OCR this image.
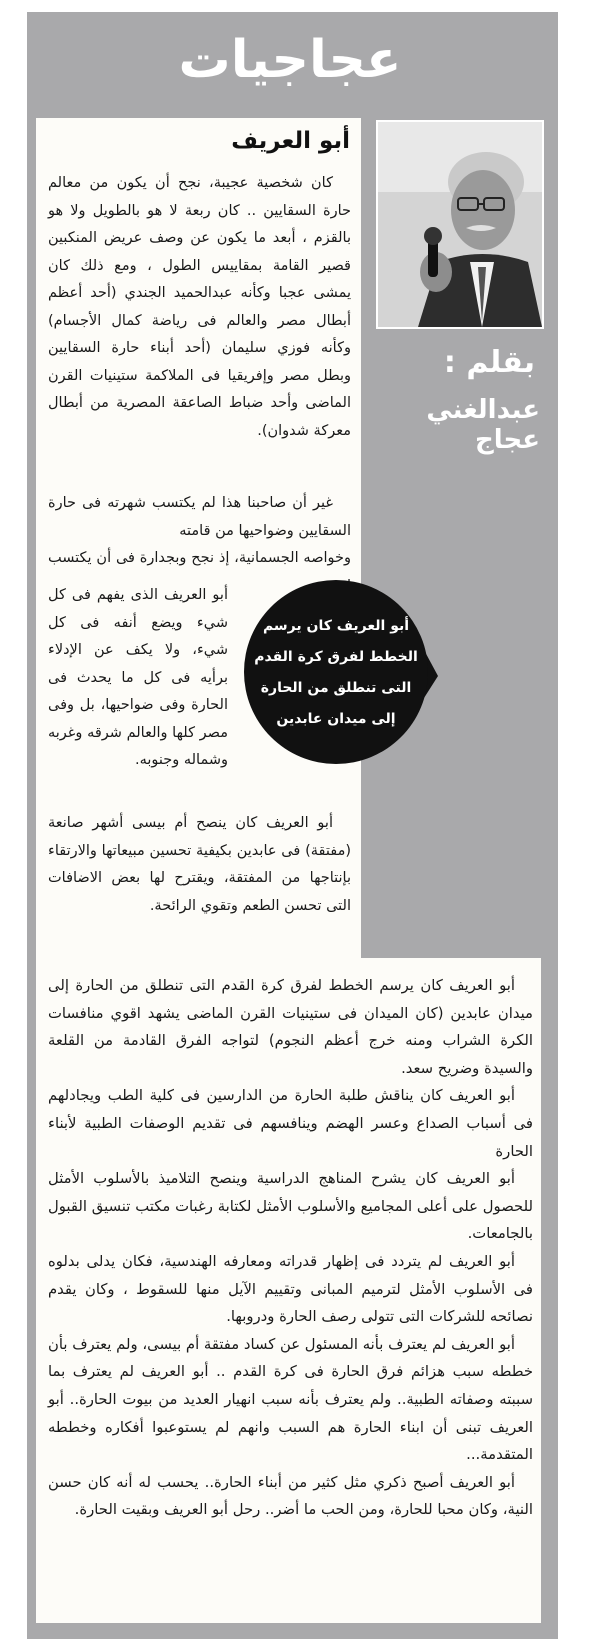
عجاجيات
بقلم :
عبدالغني عجاج
أبو العريف

كان شخصية عجيبة، نجح أن يكون من معالم حارة السقايين .. كان ربعة لا هو بالطويل ولا هو بالقزم ، أبعد ما يكون عن وصف عريض المنكبين قصير القامة بمقاييس الطول ، ومع ذلك كان يمشى عجبا وكأنه عبدالحميد الجندي (أحد أعظم أبطال مصر والعالم فى رياضة كمال الأجسام) وكأنه فوزي سليمان (أحد أبناء حارة السقايين وبطل مصر وإفريقيا فى الملاكمة ستينيات القرن الماضى وأحد ضباط الصاعقة المصرية من أبطال معركة شدوان).

غير أن صاحبنا هذا لم يكتسب شهرته فى حارة السقايين وضواحيها من قامته

وخواصه الجسمانية، إذ نجح وبجدارة فى أن يكتسب

أبو العريف الذى يفهم فى كل شيء ويضع أنفه فى كل شيء، ولا يكف عن الإدلاء برأيه فى كل ما يحدث فى الحارة وفى ضواحيها، بل وفى مصر كلها والعالم شرقه وغربه وشماله وجنوبه.

أبو العريف كان يرسم الخطط لفرق كرة القدم التى تنطلق من الحارة إلى ميدان عابدين

أبو العريف كان ينصح أم بيسى أشهر صانعة (مفتقة) فى عابدين بكيفية تحسين مبيعاتها والارتقاء بإنتاجها من المفتقة، ويقترح لها بعض الاضافات التى تحسن الطعم وتقوي الرائحة.

أبو العريف كان يرسم الخطط لفرق كرة القدم التى تنطلق من الحارة إلى ميدان عابدين (كان الميدان فى ستينيات القرن الماضى يشهد اقوي منافسات الكرة الشراب ومنه خرج أعظم النجوم) لتواجه الفرق القادمة من القلعة والسيدة وضريح سعد.

أبو العريف كان يناقش طلبة الحارة من الدارسين فى كلية الطب ويجادلهم فى أسباب الصداع وعسر الهضم وينافسهم فى تقديم الوصفات الطبية لأبناء الحارة

أبو العريف كان يشرح المناهج الدراسية وينصح التلاميذ بالأسلوب الأمثل للحصول على أعلى المجاميع والأسلوب الأمثل لكتابة رغبات مكتب تنسيق القبول بالجامعات.

أبو العريف لم يتردد فى إظهار قدراته ومعارفه الهندسية، فكان يدلى بدلوه فى الأسلوب الأمثل لترميم المبانى وتقييم الآيل منها للسقوط ، وكان يقدم نصائحه للشركات التى تتولى رصف الحارة ودروبها.

أبو العريف لم يعترف بأنه المسئول عن كساد مفتقة أم بيسى، ولم يعترف بأن خططه سبب هزائم فرق الحارة فى كرة القدم .. أبو العريف لم يعترف بما سببته وصفاته الطبية.. ولم يعترف بأنه سبب انهيار العديد من بيوت الحارة.. أبو العريف تبنى أن ابناء الحارة هم السبب وانهم لم يستوعبوا أفكاره وخططه المتقدمة...

أبو العريف أصبح ذكري مثل كثير من أبناء الحارة.. يحسب له أنه كان حسن النية، وكان محبا للحارة، ومن الحب ما أضر.. رحل أبو العريف وبقيت الحارة.
